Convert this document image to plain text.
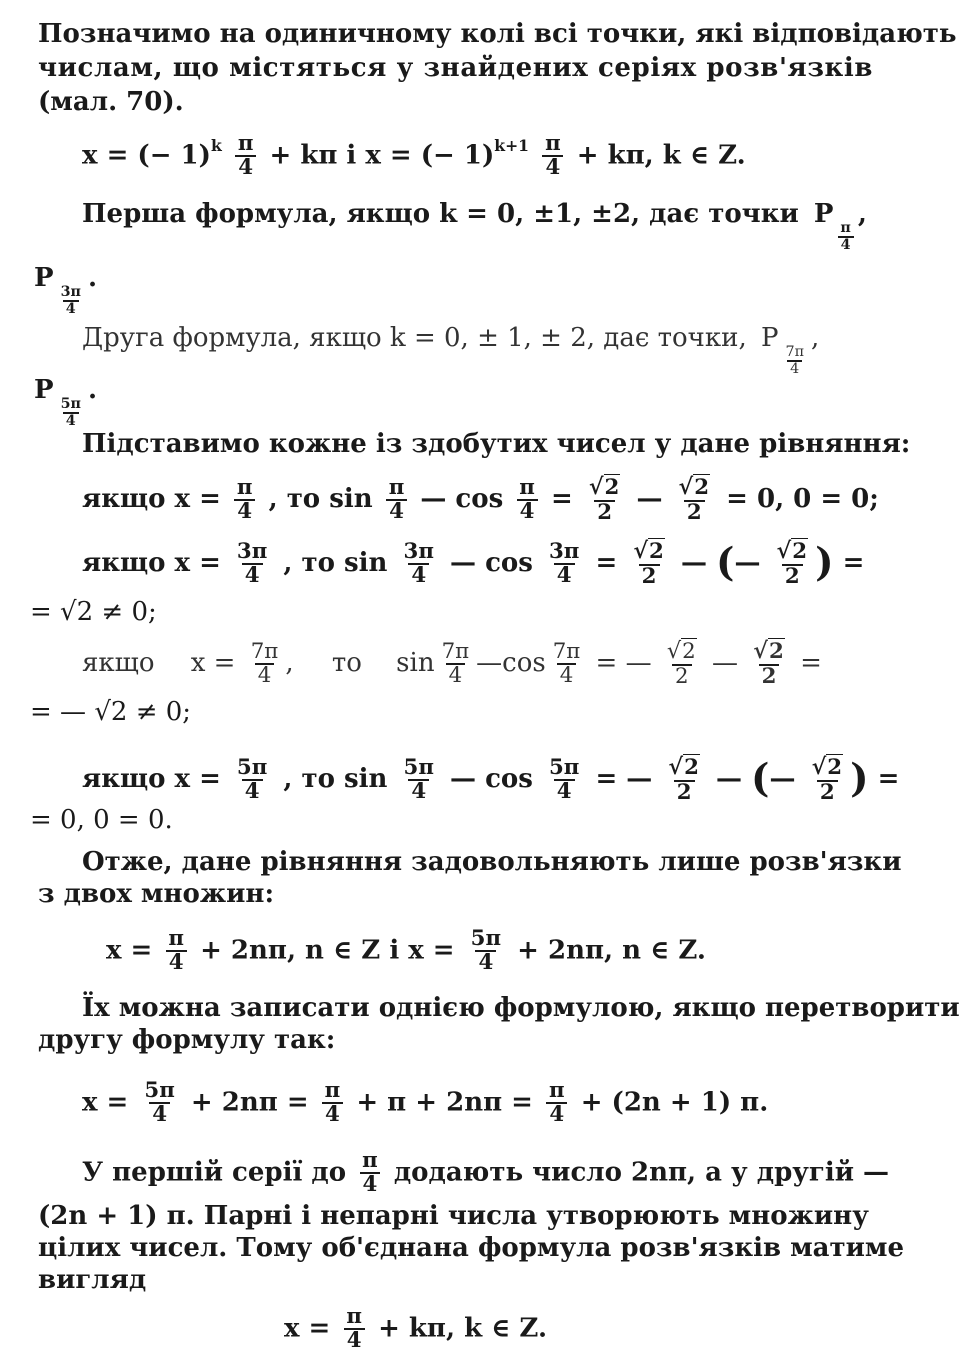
Позначимо на одиничному колі всі точки, які відповідають
числам, що містяться у знайдених серіях розв'язків
(мал. 70).
x = (− $1)^k \frac{\pi}{4} + k\pi$ і x = (− $1)^{k+1} \frac{\pi}{4} + k\pi$, k ∈ Z.
Перша формула, якщо k = 0, ±1, ±2, дає точки P
$\frac{\pi}{4}$
,
P
$\frac{3\pi}{4}$
.
Друга формула, якщо k = 0, ± 1, ± 2, дає точки, P
$\frac{7\pi}{4}$
,
P
$\frac{5\pi}{4}$
.
Підставимо кожне із здобутих чисел у дане рівняння:
якщо $x = \frac{\pi}{4}$ , то $\sin \frac{\pi}{4}$ — $\cos \frac{\pi}{4} = \frac{√2}{2}$ — $\frac{√2}{2} = 0$, 0 = 0;
якщо $x = \frac{3\pi}{4}$ , то $\sin \frac{3\pi}{4}$ — $\cos \frac{3\pi}{4} = \frac{√2}{2}$ — (— $\frac{√2}{2}$ ) =
= √2 ≠ 0;
якщо $x = \frac{7\pi}{4}$ , то $\sin \frac{7\pi}{4}$ —cos $\frac{7\pi}{4}$ = — $\frac{√2}{2}$ — $\frac{√2}{2}$ =
= — √2 ≠ 0;
якщо $x = \frac{5\pi}{4}$ , то $\sin \frac{5\pi}{4}$ — $\cos \frac{5\pi}{4}$ = — $\frac{√2}{2}$ — (— $\frac{√2}{2}$ ) =
= 0, 0 = 0.
Отже, дане рівняння задовольняють лише розв'язки
з двох множин:
$x = \frac{\pi}{4} + 2n\pi$, n ∈ Z і $x = \frac{5\pi}{4} + 2n\pi$, n ∈ Z.
Їх можна записати однією формулою, якщо перетворити
другу формулу так:
$x = \frac{5\pi}{4} + 2n\pi = \frac{\pi}{4} + \pi + 2n\pi = \frac{\pi}{4} + (2n + 1)$ π.
У першій серії до $\frac{\pi}{4}$ додають число 2nπ, а у другій —
(2n + 1) π. Парні і непарні числа утворюють множину
цілих чисел. Тому об'єднана формула розв'язків матиме
вигляд
$x = \frac{\pi}{4} + k\pi$, k ∈ Z.
